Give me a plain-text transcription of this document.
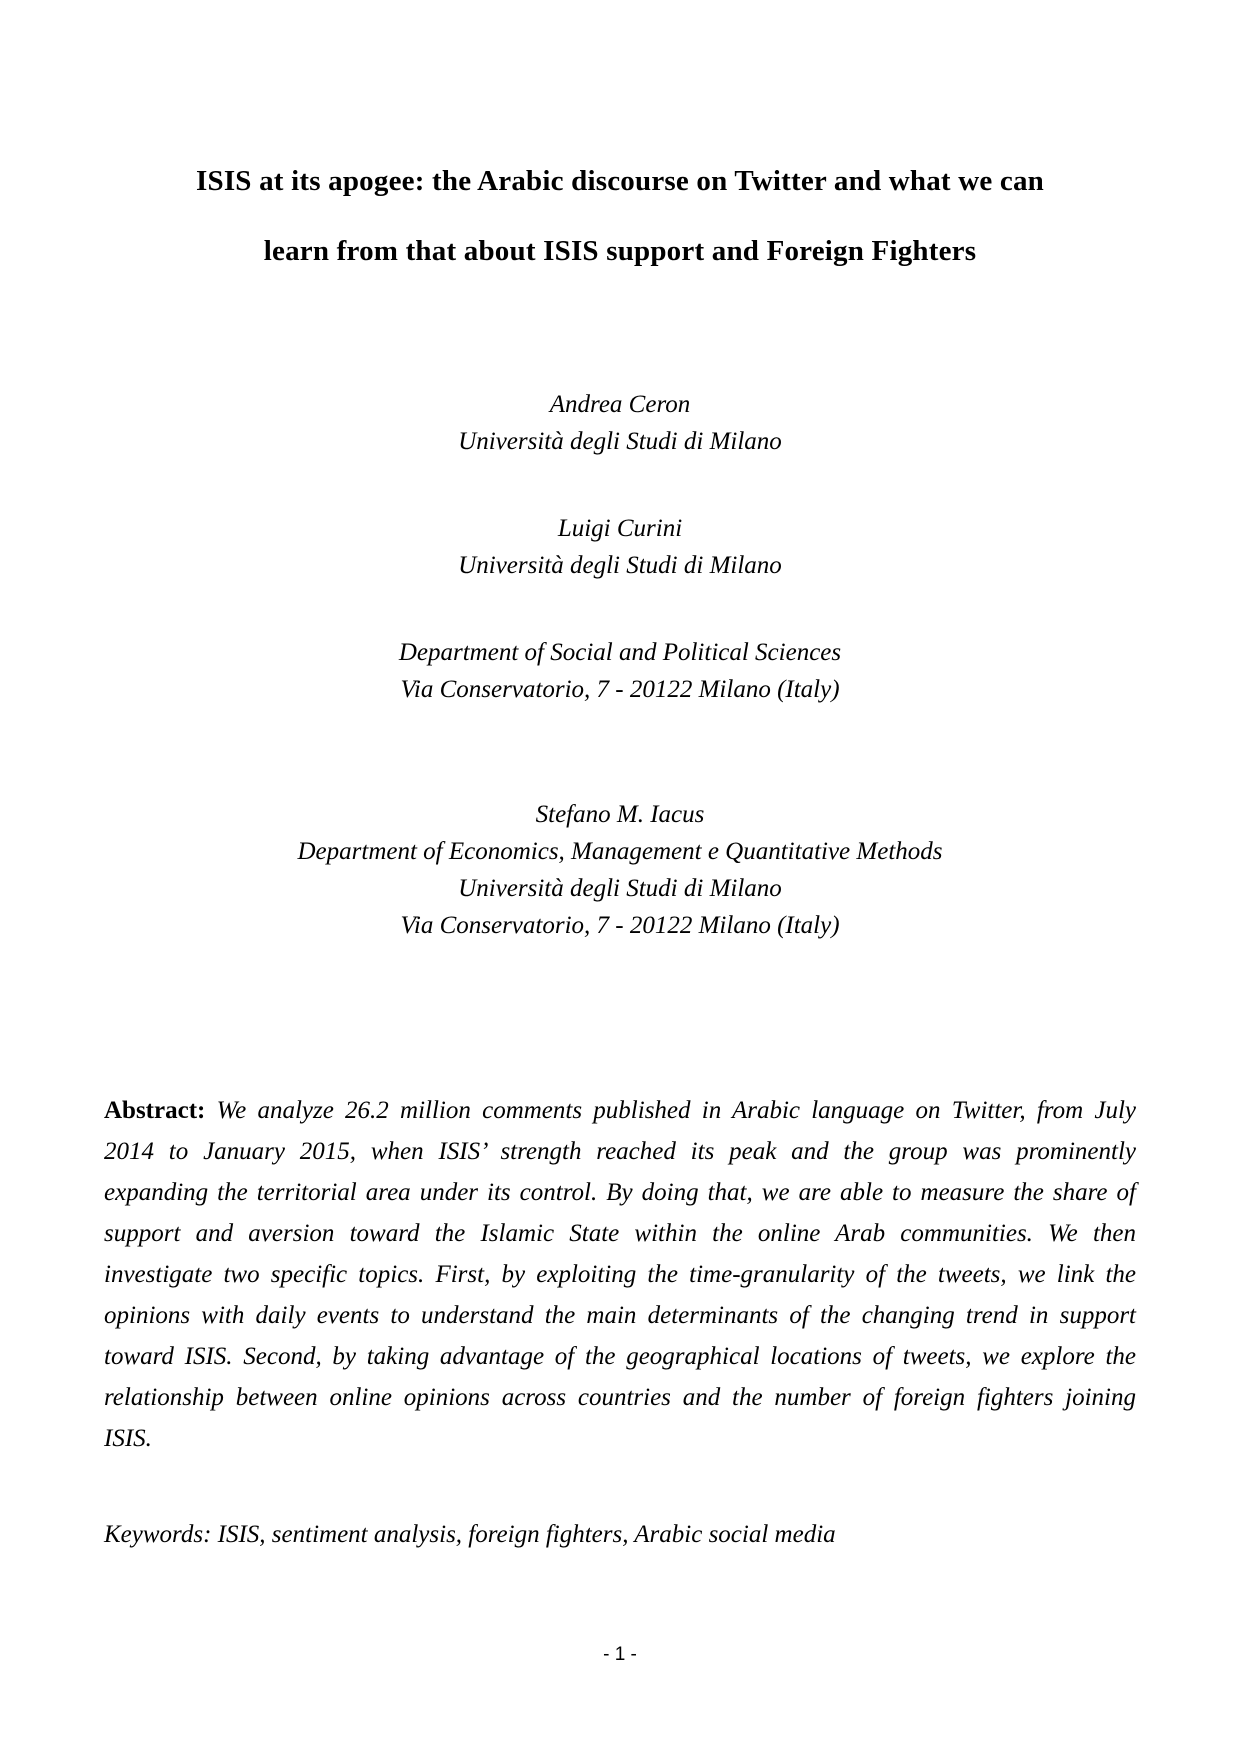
ISIS at its apogee: the Arabic discourse on Twitter and what we can
learn from that about ISIS support and Foreign Fighters
Andrea Ceron
Università degli Studi di Milano
Luigi Curini
Università degli Studi di Milano
Department of Social and Political Sciences
Via Conservatorio, 7 - 20122 Milano (Italy)
Stefano M. Iacus
Department of Economics, Management e Quantitative Methods
Università degli Studi di Milano
Via Conservatorio, 7 - 20122 Milano (Italy)

Abstract: We analyze 26.2 million comments published in Arabic language on Twitter, from July 2014 to January 2015, when ISIS’ strength reached its peak and the group was prominently expanding the territorial area under its control. By doing that, we are able to measure the share of support and aversion toward the Islamic State within the online Arab communities. We then investigate two specific topics. First, by exploiting the time-granularity of the tweets, we link the opinions with daily events to understand the main determinants of the changing trend in support toward ISIS. Second, by taking advantage of the geographical locations of tweets, we explore the relationship between online opinions across countries and the number of foreign fighters joining ISIS.

Keywords: ISIS, sentiment analysis, foreign fighters, Arabic social media

- 1 -
